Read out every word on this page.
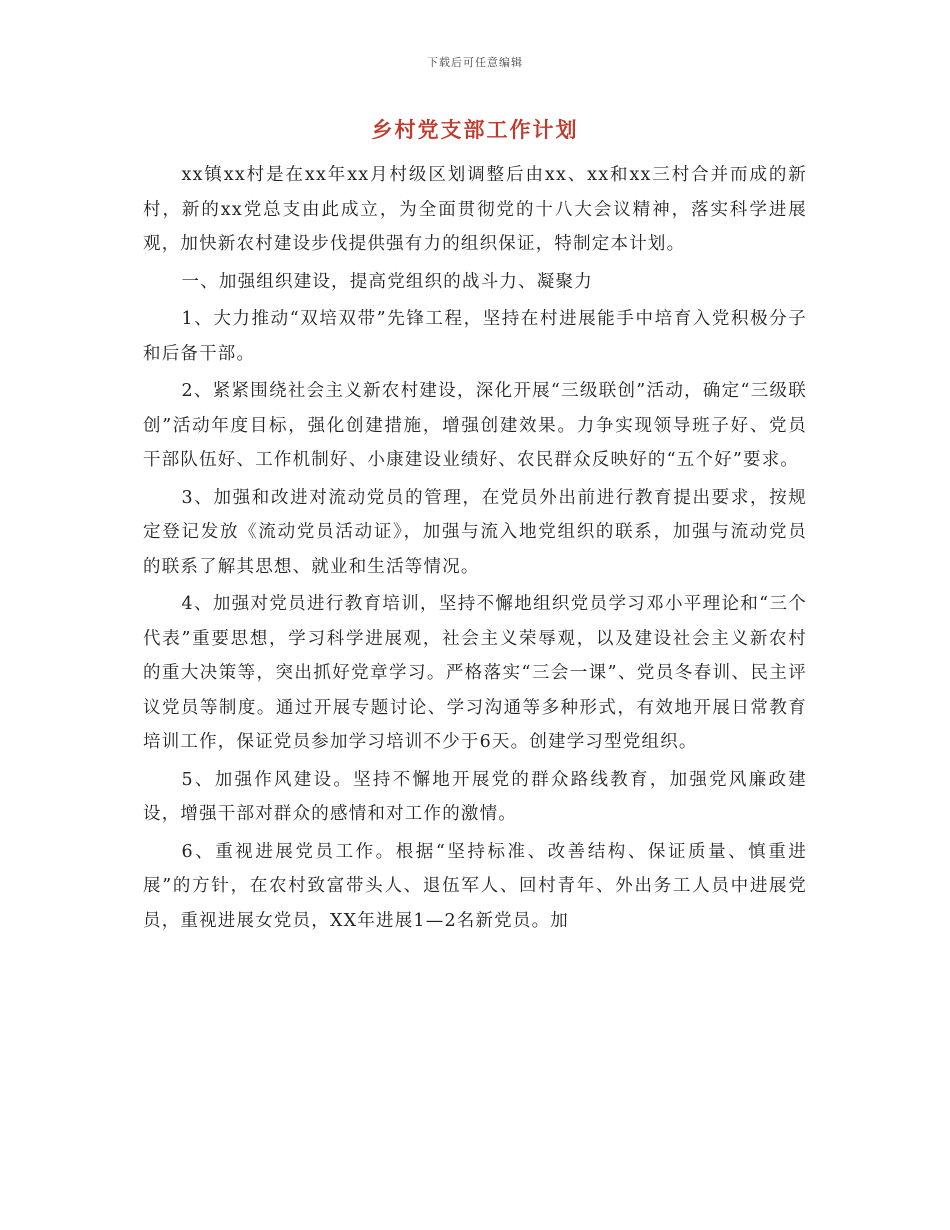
下载后可任意编辑
乡村党支部工作计划

xx镇xx村是在xx年xx月村级区划调整后由xx、xx和xx三村合并而成的新村，新的xx党总支由此成立，为全面贯彻党的十八大会议精神，落实科学进展观，加快新农村建设步伐提供强有力的组织保证，特制定本计划。

一、加强组织建设，提高党组织的战斗力、凝聚力

1、大力推动“双培双带”先锋工程，坚持在村进展能手中培育入党积极分子和后备干部。

2、紧紧围绕社会主义新农村建设，深化开展“三级联创”活动，确定“三级联创”活动年度目标，强化创建措施，增强创建效果。力争实现领导班子好、党员干部队伍好、工作机制好、小康建设业绩好、农民群众反映好的“五个好”要求。

3、加强和改进对流动党员的管理，在党员外出前进行教育提出要求，按规定登记发放《流动党员活动证》，加强与流入地党组织的联系，加强与流动党员的联系了解其思想、就业和生活等情况。

4、加强对党员进行教育培训，坚持不懈地组织党员学习邓小平理论和“三个代表”重要思想，学习科学进展观，社会主义荣辱观，以及建设社会主义新农村的重大决策等，突出抓好党章学习。严格落实“三会一课”、党员冬春训、民主评议党员等制度。通过开展专题讨论、学习沟通等多种形式，有效地开展日常教育培训工作，保证党员参加学习培训不少于6天。创建学习型党组织。

5、加强作风建设。坚持不懈地开展党的群众路线教育，加强党风廉政建设，增强干部对群众的感情和对工作的激情。

6、重视进展党员工作。根据“坚持标准、改善结构、保证质量、慎重进展”的方针，在农村致富带头人、退伍军人、回村青年、外出务工人员中进展党员，重视进展女党员，XX年进展1—2名新党员。加
